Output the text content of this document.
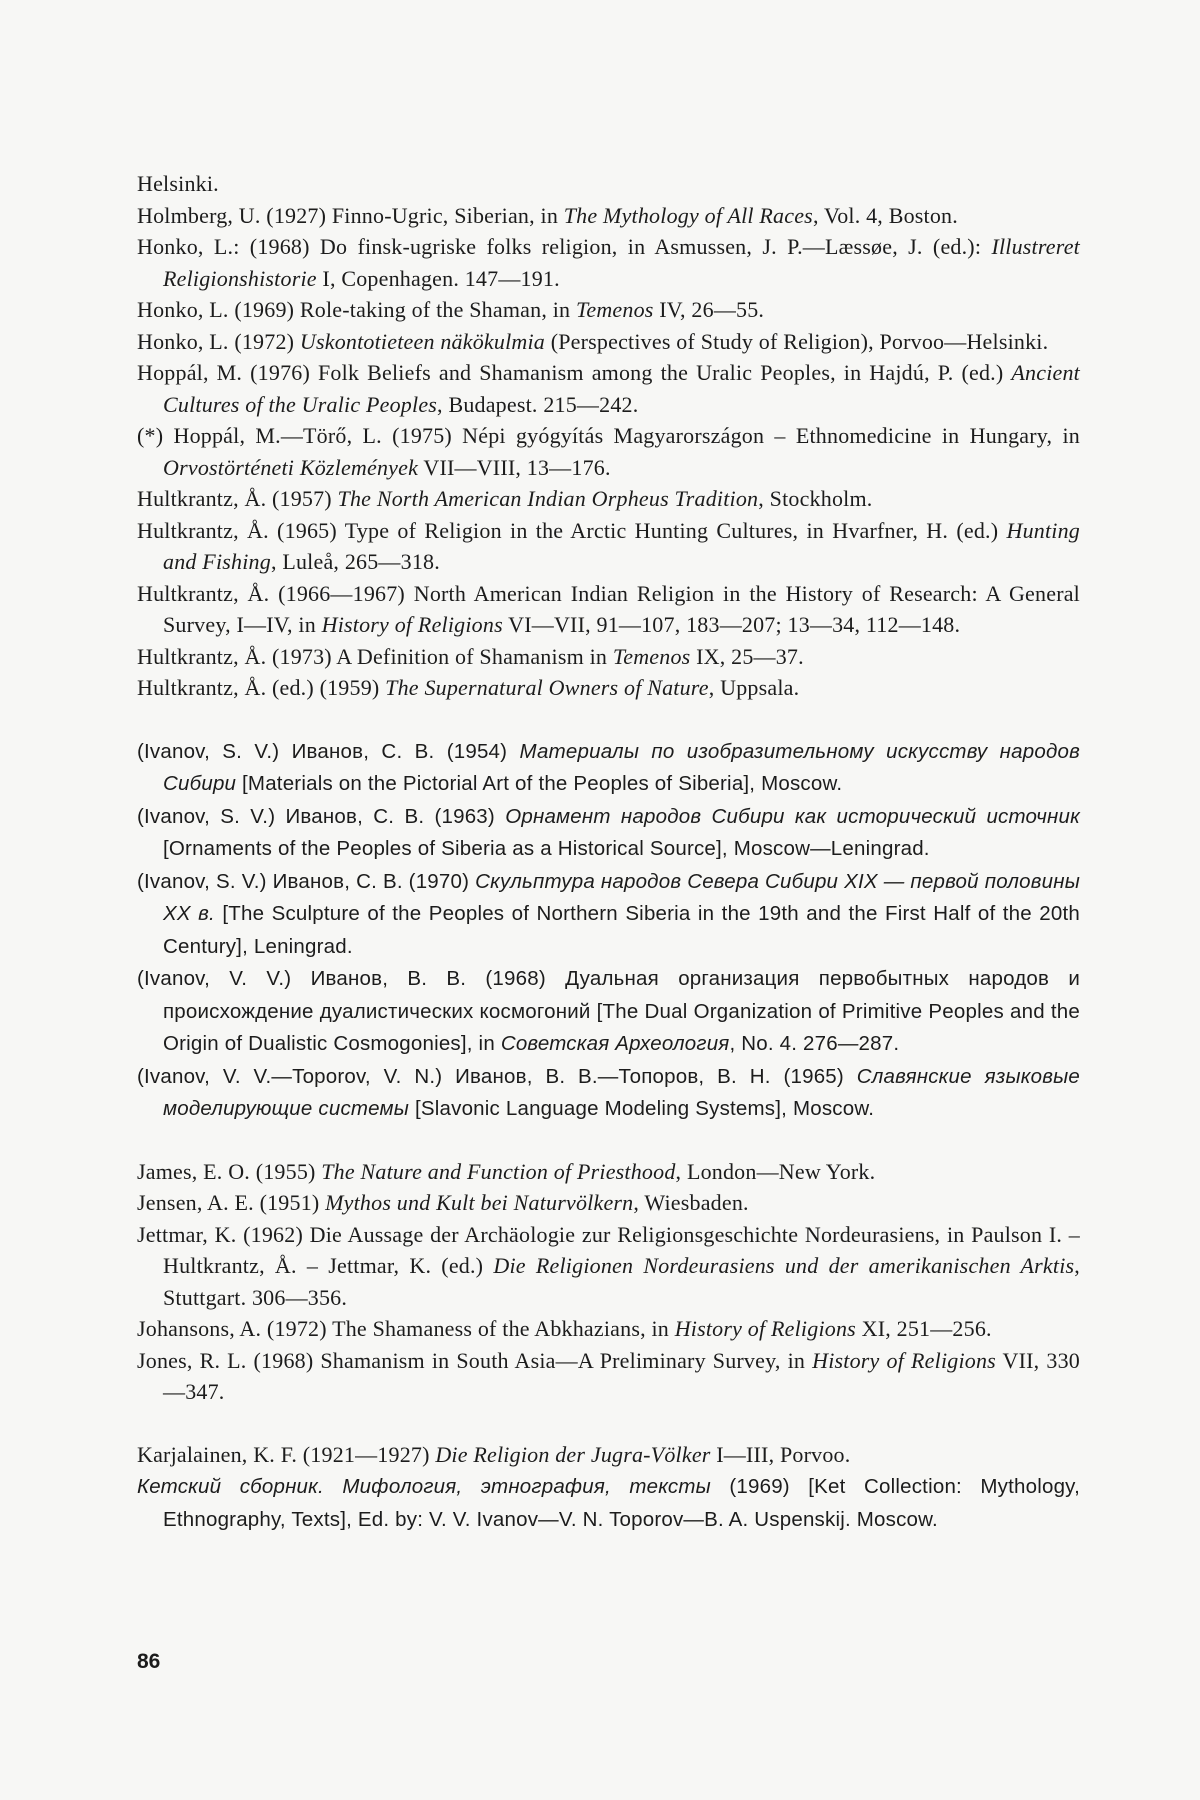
Helsinki.
Holmberg, U. (1927) Finno-Ugric, Siberian, in The Mythology of All Races, Vol. 4, Boston.
Honko, L.: (1968) Do finsk-ugriske folks religion, in Asmussen, J. P.—Læssøe, J. (ed.): Illustreret Religionshistorie I, Copenhagen. 147—191.
Honko, L. (1969) Role-taking of the Shaman, in Temenos IV, 26—55.
Honko, L. (1972) Uskontotieteen näkökulmia (Perspectives of Study of Religion), Porvoo—Helsinki.
Hoppál, M. (1976) Folk Beliefs and Shamanism among the Uralic Peoples, in Hajdú, P. (ed.) Ancient Cultures of the Uralic Peoples, Budapest. 215—242.
(*) Hoppál, M.—Törő, L. (1975) Népi gyógyítás Magyarországon – Ethnomedicine in Hungary, in Orvostörténeti Közlemények VII—VIII, 13—176.
Hultkrantz, Å. (1957) The North American Indian Orpheus Tradition, Stockholm.
Hultkrantz, Å. (1965) Type of Religion in the Arctic Hunting Cultures, in Hvarfner, H. (ed.) Hunting and Fishing, Luleå, 265—318.
Hultkrantz, Å. (1966—1967) North American Indian Religion in the History of Research: A General Survey, I—IV, in History of Religions VI—VII, 91—107, 183—207; 13—34, 112—148.
Hultkrantz, Å. (1973) A Definition of Shamanism in Temenos IX, 25—37.
Hultkrantz, Å. (ed.) (1959) The Supernatural Owners of Nature, Uppsala.
(Ivanov, S. V.) Иванов, С. В. (1954) Материалы по изобразительному искусству народов Сибири [Materials on the Pictorial Art of the Peoples of Siberia], Moscow.
(Ivanov, S. V.) Иванов, С. В. (1963) Орнамент народов Сибири как исторический источник [Ornaments of the Peoples of Siberia as a Historical Source], Moscow—Leningrad.
(Ivanov, S. V.) Иванов, С. В. (1970) Скульптура народов Севера Сибири XIX — первой половины XX в. [The Sculpture of the Peoples of Northern Siberia in the 19th and the First Half of the 20th Century], Leningrad.
(Ivanov, V. V.) Иванов, В. В. (1968) Дуальная организация первобытных народов и происхождение дуалистических космогоний [The Dual Organization of Primitive Peoples and the Origin of Dualistic Cosmogonies], in Советская Археология, No. 4. 276—287.
(Ivanov, V. V.—Toporov, V. N.) Иванов, В. В.—Топоров, В. Н. (1965) Славянские языковые моделирующие системы [Slavonic Language Modeling Systems], Moscow.
James, E. O. (1955) The Nature and Function of Priesthood, London—New York.
Jensen, A. E. (1951) Mythos und Kult bei Naturvölkern, Wiesbaden.
Jettmar, K. (1962) Die Aussage der Archäologie zur Religionsgeschichte Nordeurasiens, in Paulson I. – Hultkrantz, Å. – Jettmar, K. (ed.) Die Religionen Nordeurasiens und der amerikanischen Arktis, Stuttgart. 306—356.
Johansons, A. (1972) The Shamaness of the Abkhazians, in History of Religions XI, 251—256.
Jones, R. L. (1968) Shamanism in South Asia—A Preliminary Survey, in History of Religions VII, 330—347.
Karjalainen, K. F. (1921—1927) Die Religion der Jugra-Völker I—III, Porvoo.
Кетский сборник. Мифология, этнография, тексты (1969) [Ket Collection: Mythology, Ethnography, Texts], Ed. by: V. V. Ivanov—V. N. Toporov—B. A. Uspenskij. Moscow.
86
